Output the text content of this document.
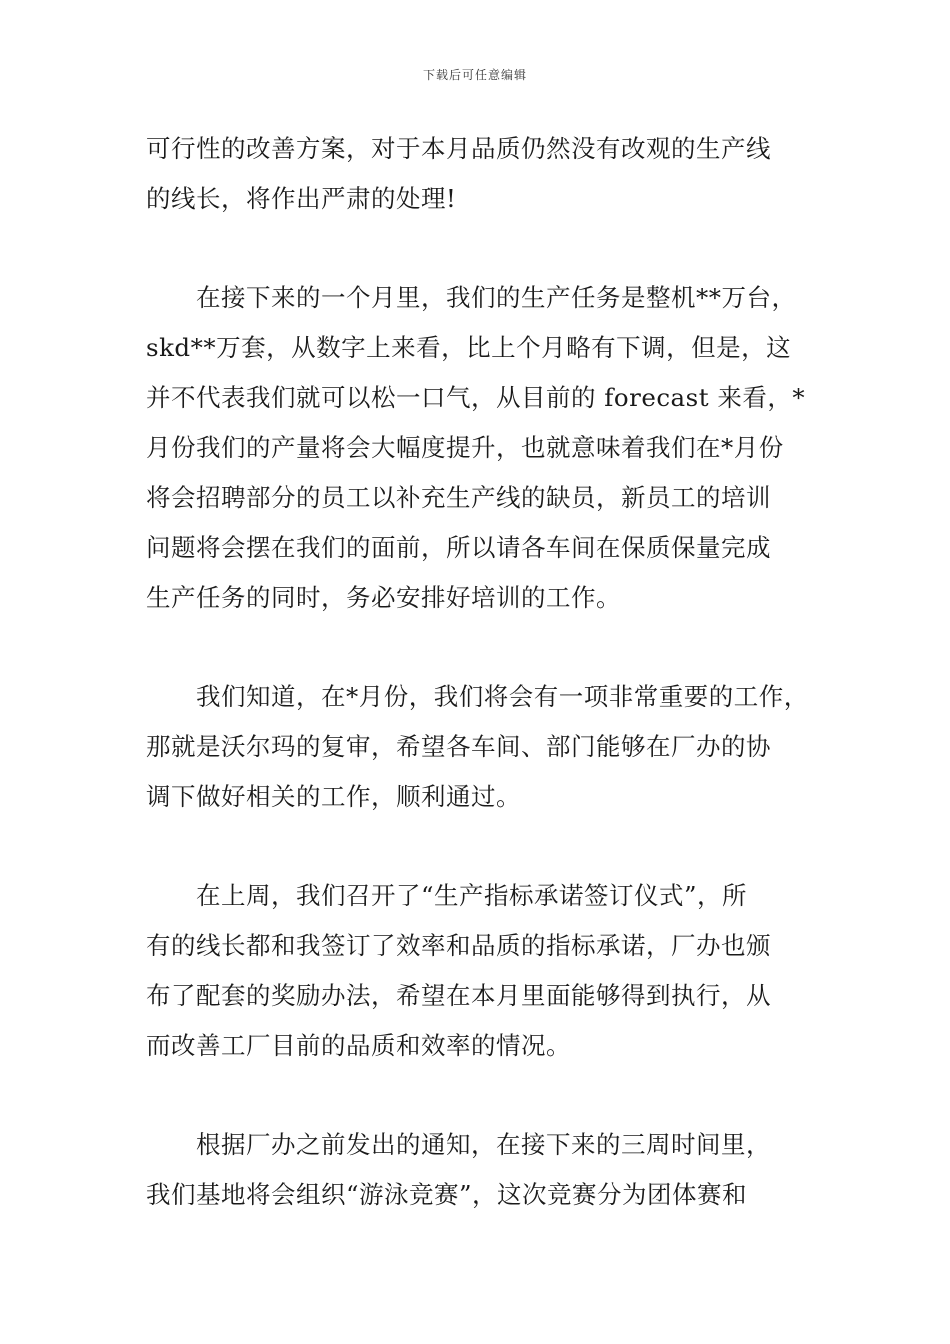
下载后可任意编辑
可行性的改善方案，对于本月品质仍然没有改观的生产线
的线长，将作出严肃的处理!
在接下来的一个月里，我们的生产任务是整机**万台，
skd**万套，从数字上来看，比上个月略有下调，但是，这
并不代表我们就可以松一口气，从目前的 forecast 来看，*
月份我们的产量将会大幅度提升，也就意味着我们在*月份
将会招聘部分的员工以补充生产线的缺员，新员工的培训
问题将会摆在我们的面前，所以请各车间在保质保量完成
生产任务的同时，务必安排好培训的工作。
我们知道，在*月份，我们将会有一项非常重要的工作，
那就是沃尔玛的复审，希望各车间、部门能够在厂办的协
调下做好相关的工作，顺利通过。
在上周，我们召开了“生产指标承诺签订仪式”，所
有的线长都和我签订了效率和品质的指标承诺，厂办也颁
布了配套的奖励办法，希望在本月里面能够得到执行，从
而改善工厂目前的品质和效率的情况。
根据厂办之前发出的通知，在接下来的三周时间里，
我们基地将会组织“游泳竞赛”，这次竞赛分为团体赛和
